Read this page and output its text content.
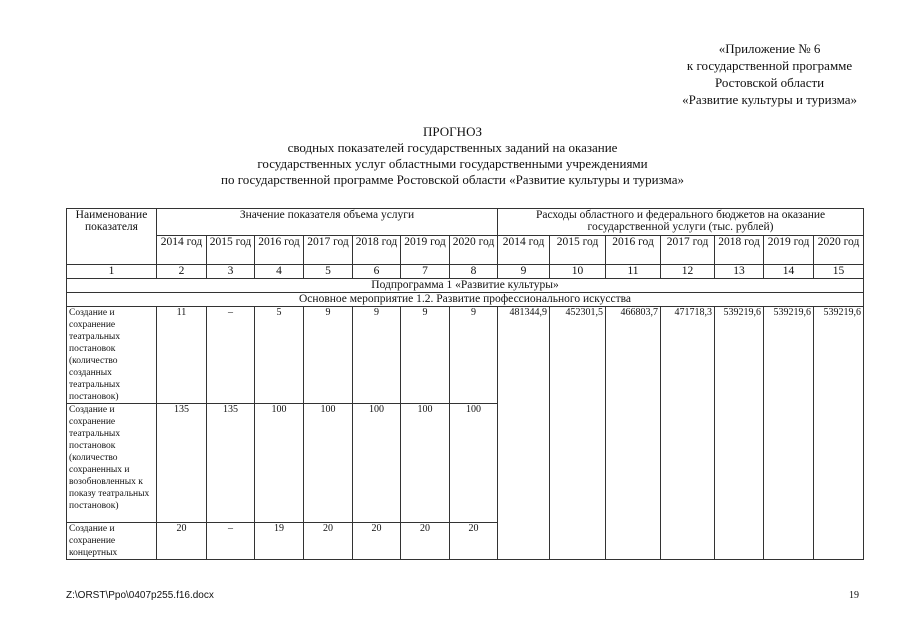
«Приложение № 6
к государственной программе
Ростовской области
«Развитие культуры и туризма»
ПРОГНОЗ
сводных показателей государственных заданий на оказание
государственных услуг областными государственными учреждениями
по государственной программе Ростовской области «Развитие культуры и туризма»
Наименование показателя	Значение показателя объема услуги							Расходы областного и федерального бюджетов на оказание государственной услуги (тыс. рублей)						
	2014 год	2015 год	2016 год	2017 год	2018 год	2019 год	2020 год	2014 год	2015 год	2016 год	2017 год	2018 год	2019 год	2020 год
1	2	3	4	5	6	7	8	9	10	11	12	13	14	15
Подпрограмма 1 «Развитие культуры»														
Основное мероприятие 1.2. Развитие профессионального искусства														
Создание и сохранение театральных постановок (количество созданных театральных постановок)	11	–	5	9	9	9	9	481344,9	452301,5	466803,7	471718,3	539219,6	539219,6	539219,6
Создание и сохранение театральных постановок (количество сохраненных и возобновленных к показу театральных постановок)	135	135	100	100	100	100	100							
Создание и сохранение концертных	20	–	19	20	20	20	20							
Z:\ORST\Ppo\0407p255.f16.docx	19
